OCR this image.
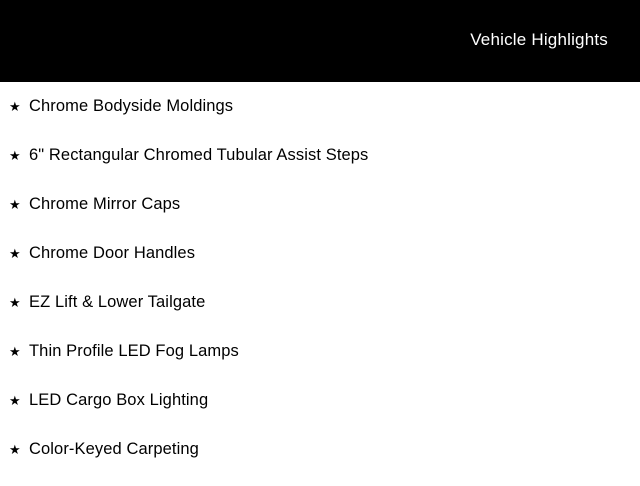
Vehicle Highlights
★ Chrome Bodyside Moldings
★ 6" Rectangular Chromed Tubular Assist Steps
★ Chrome Mirror Caps
★ Chrome Door Handles
★ EZ Lift & Lower Tailgate
★ Thin Profile LED Fog Lamps
★ LED Cargo Box Lighting
★ Color-Keyed Carpeting
